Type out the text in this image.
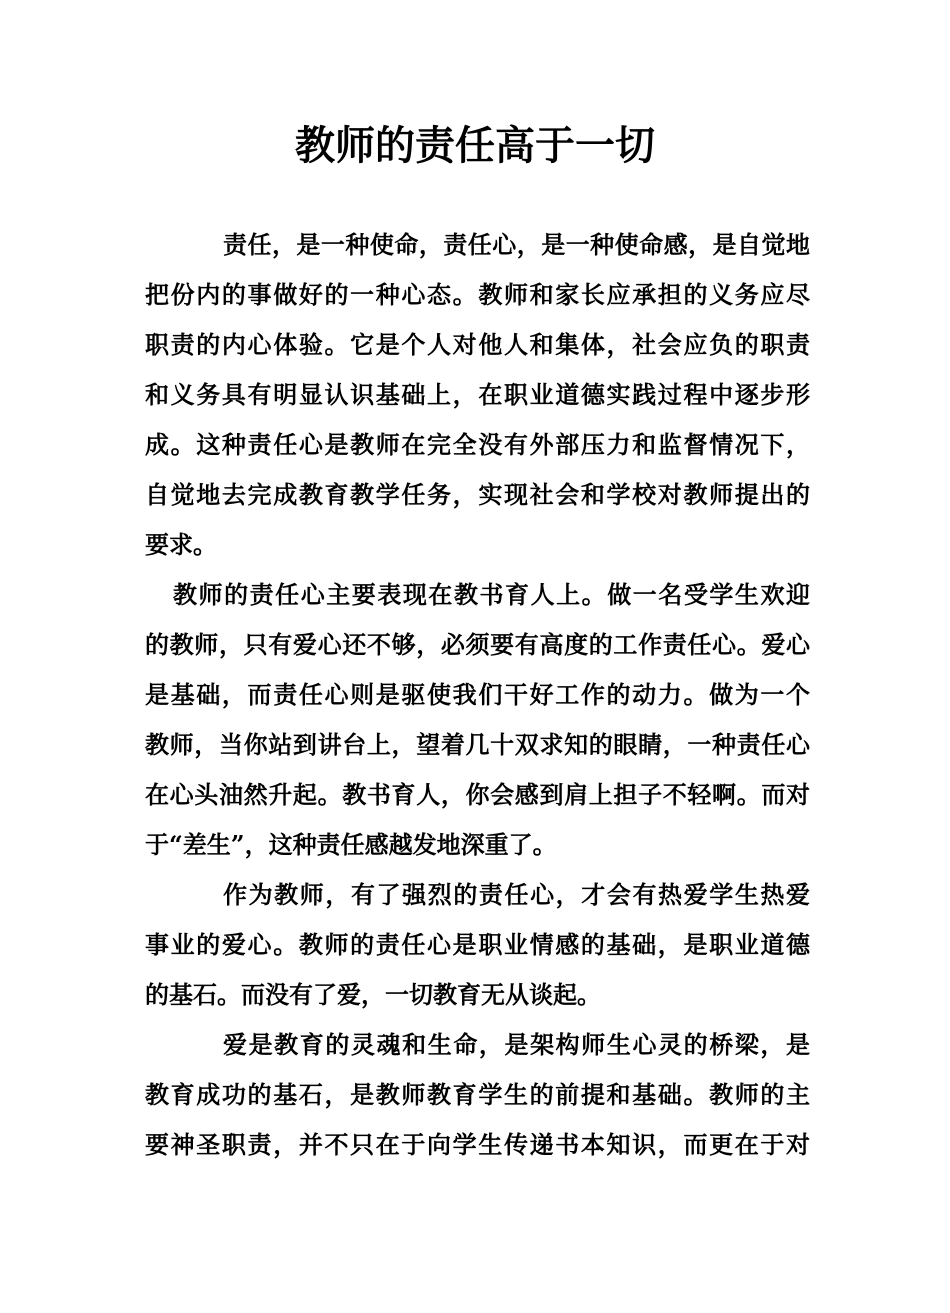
教师的责任高于一切
责任，是一种使命，责任心，是一种使命感，是自觉地
把份内的事做好的一种心态。教师和家长应承担的义务应尽
职责的内心体验。它是个人对他人和集体，社会应负的职责
和义务具有明显认识基础上，在职业道德实践过程中逐步形
成。这种责任心是教师在完全没有外部压力和监督情况下，
自觉地去完成教育教学任务，实现社会和学校对教师提出的
要求。
教师的责任心主要表现在教书育人上。做一名受学生欢迎
的教师，只有爱心还不够，必须要有高度的工作责任心。爱心
是基础，而责任心则是驱使我们干好工作的动力。做为一个
教师，当你站到讲台上，望着几十双求知的眼睛，一种责任心
在心头油然升起。教书育人，你会感到肩上担子不轻啊。而对
于“差生”，这种责任感越发地深重了。
作为教师，有了强烈的责任心，才会有热爱学生热爱
事业的爱心。教师的责任心是职业情感的基础，是职业道德
的基石。而没有了爱，一切教育无从谈起。
爱是教育的灵魂和生命，是架构师生心灵的桥梁，是
教育成功的基石，是教师教育学生的前提和基础。教师的主
要神圣职责，并不只在于向学生传递书本知识，而更在于对
